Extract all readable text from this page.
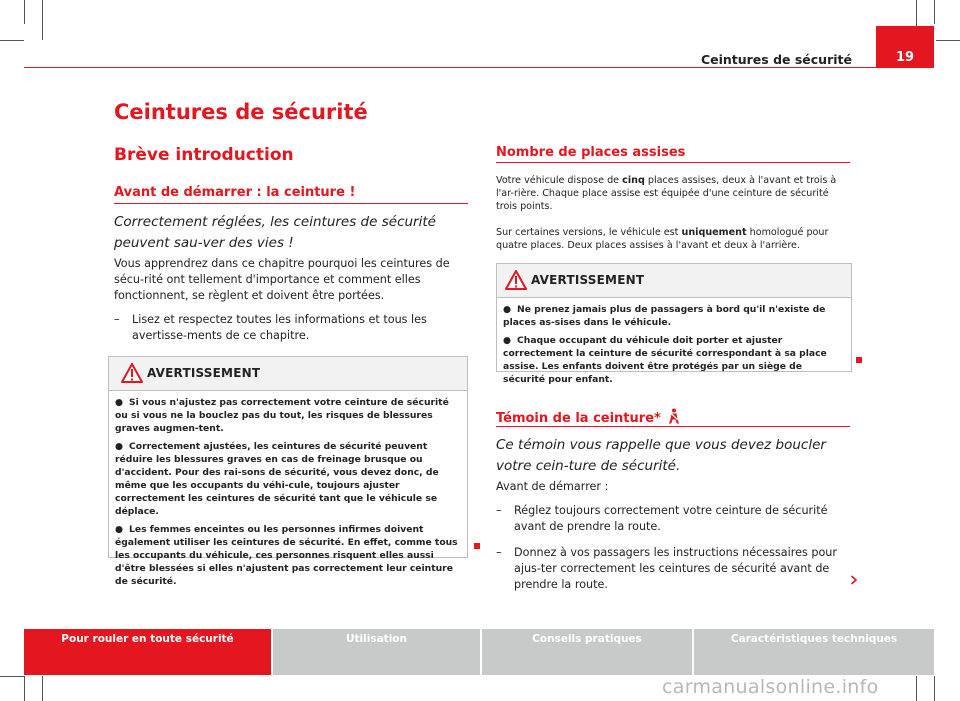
Ceintures de sécurité	19
Ceintures de sécurité
Brève introduction
Avant de démarrer : la ceinture !
Correctement réglées, les ceintures de sécurité peuvent sau-ver des vies !
Vous apprendrez dans ce chapitre pourquoi les ceintures de sécu-rité ont tellement d'importance et comment elles fonctionnent, se règlent et doivent être portées.
–	Lisez et respectez toutes les informations et tous les avertisse-ments de ce chapitre.
AVERTISSEMENT

● Si vous n'ajustez pas correctement votre ceinture de sécurité ou si vous ne la bouclez pas du tout, les risques de blessures graves augmen-tent.

● Correctement ajustées, les ceintures de sécurité peuvent réduire les blessures graves en cas de freinage brusque ou d'accident. Pour des rai-sons de sécurité, vous devez donc, de même que les occupants du véhi-cule, toujours ajuster correctement les ceintures de sécurité tant que le véhicule se déplace.

● Les femmes enceintes ou les personnes infirmes doivent également utiliser les ceintures de sécurité. En effet, comme tous les occupants du véhicule, ces personnes risquent elles aussi d'être blessées si elles n'ajustent pas correctement leur ceinture de sécurité.

Nombre de places assises
Votre véhicule dispose de cinq places assises, deux à l'avant et trois à l'ar-rière. Chaque place assise est équipée d'une ceinture de sécurité trois points.
Sur certaines versions, le véhicule est uniquement homologué pour quatre places. Deux places assises à l'avant et deux à l'arrière.
AVERTISSEMENT

● Ne prenez jamais plus de passagers à bord qu'il n'existe de places as-sises dans le véhicule.

● Chaque occupant du véhicule doit porter et ajuster correctement la ceinture de sécurité correspondant à sa place assise. Les enfants doivent être protégés par un siège de sécurité pour enfant.

Témoin de la ceinture*
Ce témoin vous rappelle que vous devez boucler votre cein-ture de sécurité.
Avant de démarrer :
–	Réglez toujours correctement votre ceinture de sécurité avant de prendre la route.
–	Donnez à vos passagers les instructions nécessaires pour ajus-ter correctement les ceintures de sécurité avant de prendre la route.
Pour rouler en toute sécurité	Utilisation	Conseils pratiques	Caractéristiques techniques
carmanualsonline.info
